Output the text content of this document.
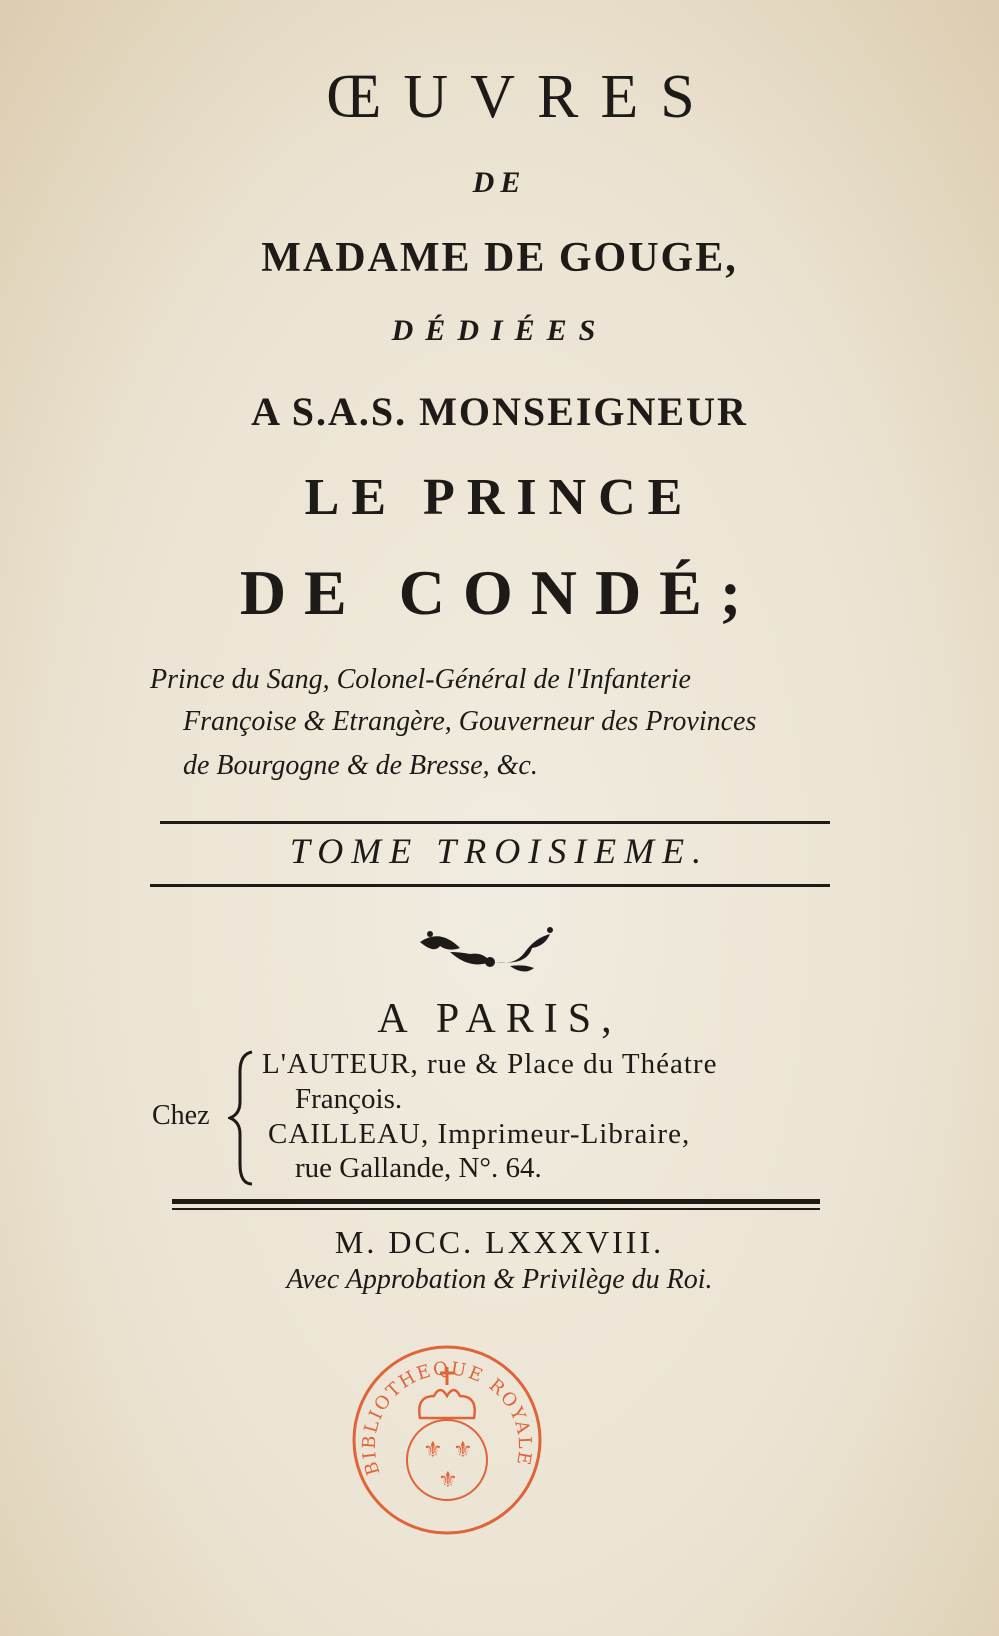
ŒUVRES
DE
MADAME DE GOUGE,
DÉDIÉES
A S.A.S. MONSEIGNEUR
LE PRINCE
DE CONDÉ;
Prince du Sang, Colonel-Général de l'Infanterie
Françoise & Etrangère, Gouverneur des Provinces
de Bourgogne & de Bresse, &c.
TOME TROISIEME.
A PARIS,
Chez
L'AUTEUR, rue & Place du Théatre
François.
CAILLEAU, Imprimeur-Libraire,
rue Gallande, N°. 64.
M. DCC. LXXXVIII.
Avec Approbation & Privilège du Roi.
⚜ ⚜
⚜
BIBLIOTHEQUE ROYALE
